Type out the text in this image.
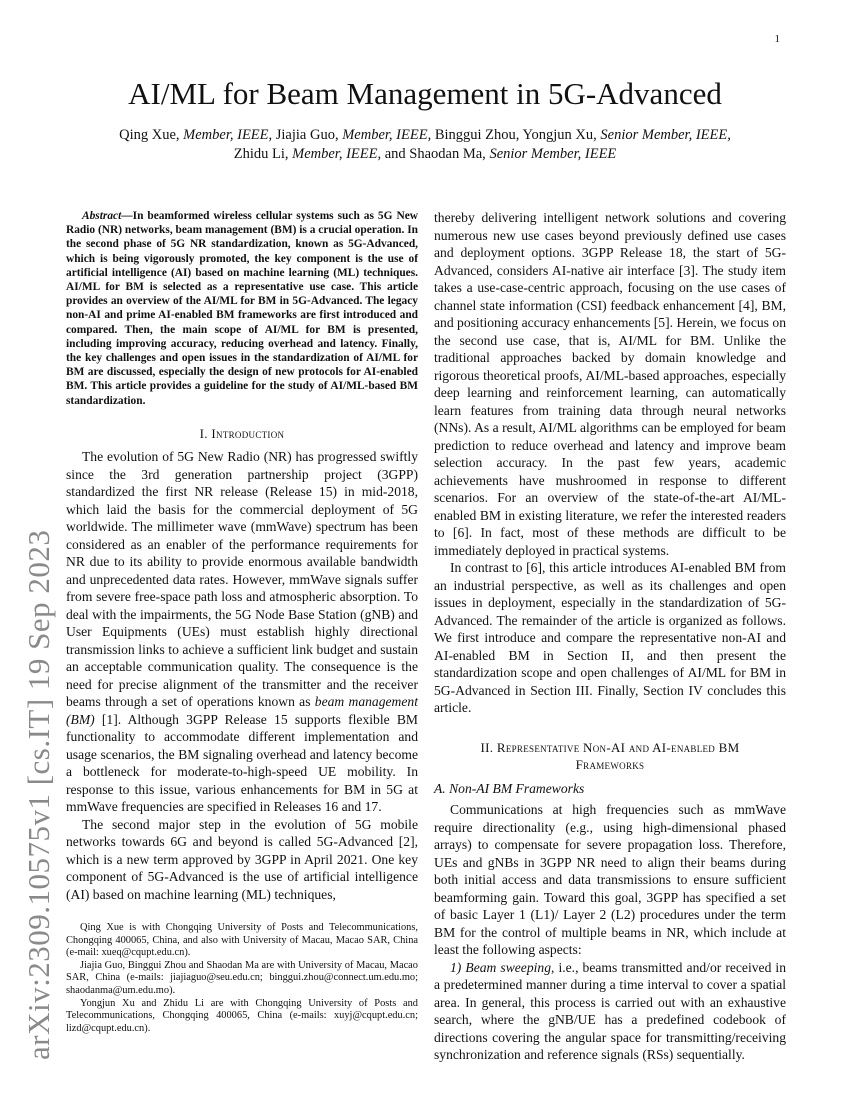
1
arXiv:2309.10575v1 [cs.IT] 19 Sep 2023
AI/ML for Beam Management in 5G-Advanced
Qing Xue, Member, IEEE, Jiajia Guo, Member, IEEE, Binggui Zhou, Yongjun Xu, Senior Member, IEEE,
Zhidu Li, Member, IEEE, and Shaodan Ma, Senior Member, IEEE

Abstract—In beamformed wireless cellular systems such as 5G New Radio (NR) networks, beam management (BM) is a crucial operation. In the second phase of 5G NR standardization, known as 5G-Advanced, which is being vigorously promoted, the key component is the use of artificial intelligence (AI) based on machine learning (ML) techniques. AI/ML for BM is selected as a representative use case. This article provides an overview of the AI/ML for BM in 5G-Advanced. The legacy non-AI and prime AI-enabled BM frameworks are first introduced and compared. Then, the main scope of AI/ML for BM is presented, including improving accuracy, reducing overhead and latency. Finally, the key challenges and open issues in the standardization of AI/ML for BM are discussed, especially the design of new protocols for AI-enabled BM. This article provides a guideline for the study of AI/ML-based BM standardization.

I. Introduction

The evolution of 5G New Radio (NR) has progressed swiftly since the 3rd generation partnership project (3GPP) standardized the first NR release (Release 15) in mid-2018, which laid the basis for the commercial deployment of 5G worldwide. The millimeter wave (mmWave) spectrum has been considered as an enabler of the performance requirements for NR due to its ability to provide enormous available bandwidth and unprecedented data rates. However, mmWave signals suffer from severe free-space path loss and atmospheric absorption. To deal with the impairments, the 5G Node Base Station (gNB) and User Equipments (UEs) must establish highly directional transmission links to achieve a sufficient link budget and sustain an acceptable communication quality. The consequence is the need for precise alignment of the transmitter and the receiver beams through a set of operations known as beam management (BM) [1]. Although 3GPP Release 15 supports flexible BM functionality to accommodate different implementation and usage scenarios, the BM signaling overhead and latency become a bottleneck for moderate-to-high-speed UE mobility. In response to this issue, various enhancements for BM in 5G at mmWave frequencies are specified in Releases 16 and 17.

The second major step in the evolution of 5G mobile networks towards 6G and beyond is called 5G-Advanced [2], which is a new term approved by 3GPP in April 2021. One key component of 5G-Advanced is the use of artificial intelligence (AI) based on machine learning (ML) techniques,

Qing Xue is with Chongqing University of Posts and Telecommunications, Chongqing 400065, China, and also with University of Macau, Macao SAR, China (e-mail: xueq@cqupt.edu.cn).

Jiajia Guo, Binggui Zhou and Shaodan Ma are with University of Macau, Macao SAR, China (e-mails: jiajiaguo@seu.edu.cn; binggui.zhou@connect.um.edu.mo; shaodanma@um.edu.mo).

Yongjun Xu and Zhidu Li are with Chongqing University of Posts and Telecommunications, Chongqing 400065, China (e-mails: xuyj@cqupt.edu.cn; lizd@cqupt.edu.cn).

thereby delivering intelligent network solutions and covering numerous new use cases beyond previously defined use cases and deployment options. 3GPP Release 18, the start of 5G-Advanced, considers AI-native air interface [3]. The study item takes a use-case-centric approach, focusing on the use cases of channel state information (CSI) feedback enhancement [4], BM, and positioning accuracy enhancements [5]. Herein, we focus on the second use case, that is, AI/ML for BM. Unlike the traditional approaches backed by domain knowledge and rigorous theoretical proofs, AI/ML-based approaches, especially deep learning and reinforcement learning, can automatically learn features from training data through neural networks (NNs). As a result, AI/ML algorithms can be employed for beam prediction to reduce overhead and latency and improve beam selection accuracy. In the past few years, academic achievements have mushroomed in response to different scenarios. For an overview of the state-of-the-art AI/ML-enabled BM in existing literature, we refer the interested readers to [6]. In fact, most of these methods are difficult to be immediately deployed in practical systems.

In contrast to [6], this article introduces AI-enabled BM from an industrial perspective, as well as its challenges and open issues in deployment, especially in the standardization of 5G-Advanced. The remainder of the article is organized as follows. We first introduce and compare the representative non-AI and AI-enabled BM in Section II, and then present the standardization scope and open challenges of AI/ML for BM in 5G-Advanced in Section III. Finally, Section IV concludes this article.

II. Representative Non-AI and AI-enabled BM
Frameworks
A. Non-AI BM Frameworks

Communications at high frequencies such as mmWave require directionality (e.g., using high-dimensional phased arrays) to compensate for severe propagation loss. Therefore, UEs and gNBs in 3GPP NR need to align their beams during both initial access and data transmissions to ensure sufficient beamforming gain. Toward this goal, 3GPP has specified a set of basic Layer 1 (L1)/ Layer 2 (L2) procedures under the term BM for the control of multiple beams in NR, which include at least the following aspects:

1) Beam sweeping, i.e., beams transmitted and/or received in a predetermined manner during a time interval to cover a spatial area. In general, this process is carried out with an exhaustive search, where the gNB/UE has a predefined codebook of directions covering the angular space for transmitting/receiving synchronization and reference signals (RSs) sequentially.
